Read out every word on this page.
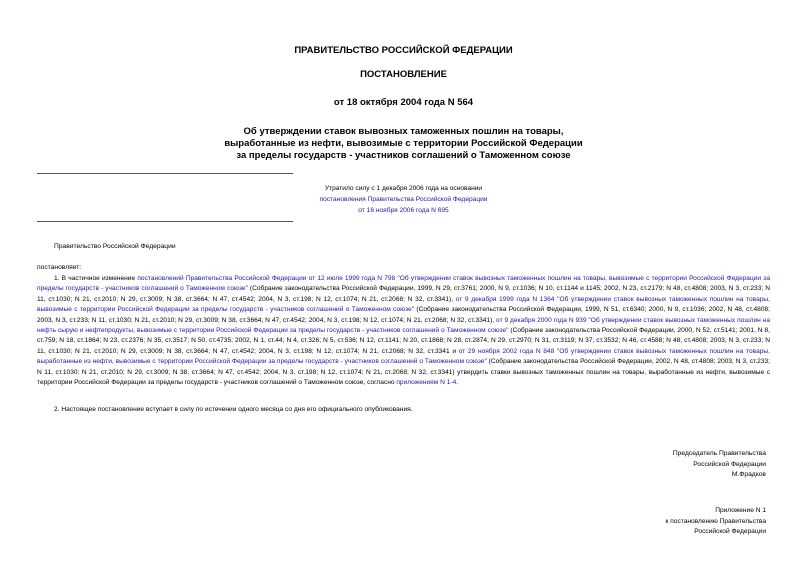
ПРАВИТЕЛЬСТВО РОССИЙСКОЙ ФЕДЕРАЦИИ
ПОСТАНОВЛЕНИЕ
от 18 октября 2004 года N 564
Об утверждении ставок вывозных таможенных пошлин на товары,
выработанные из нефти, вывозимые с территории Российской Федерации
за пределы государств - участников соглашений о Таможенном союзе
Утратило силу с 1 декабря 2006 года на основании
постановления Правительства Российской Федерации
от 16 ноября 2006 года N 695
Правительство Российской Федерации
постановляет:
1. В частичное изменение постановлений Правительства Российской Федерации от 12 июля 1999 года N 798 "Об утверждении ставок вывозных таможенных пошлин на товары, вывозимые с территории Российской Федерации за пределы государств - участников соглашений о Таможенном союзе" (Собрание законодательства Российской Федерации, 1999, N 29, ст.3761; 2000, N 9, ст.1036; N 10, ст.1144 и 1145; 2002, N 23, ст.2179; N 48, ст.4808; 2003, N 3, ст.233; N 11, ст.1030; N 21, ст.2010; N 29, ст.3009; N 38, ст.3664; N 47, ст.4542; 2004, N 3, ст.198; N 12, ст.1074; N 21, ст.2068; N 32, ст.3341), от 9 декабря 1999 года N 1364 "Об утверждении ставок вывозных таможенных пошлин на товары, вывозимые с территории Российской Федерации за пределы государств - участников соглашений о Таможенном союзе" (Собрание законодательства Российской Федерации, 1999, N 51, ст.6340; 2000, N 9, ст.1036; 2002, N 48, ст.4808; 2003, N 3, ст.233; N 11, ст.1030; N 21, ст.2010; N 29, ст.3009; N 38, ст.3664; N 47, ст.4542; 2004, N 3, ст.198; N 12, ст.1074; N 21, ст.2068; N 32, ст.3341), от 9 декабря 2000 года N 939 "Об утверждении ставок вывозных таможенных пошлин на нефть сырую и нефтепродукты, вывозимые с территории Российской Федерации за пределы государств - участников соглашений о Таможенном союзе" (Собрание законодательства Российской Федерации, 2000, N 52, ст.5141; 2001, N 8, ст.759; N 18, ст.1864; N 23, ст.2376; N 35, ст.3517; N 50, ст.4735; 2002, N 1, ст.44; N 4, ст.326; N 5, ст.536; N 12, ст.1141; N 20, ст.1868; N 28, ст.2874; N 29, ст.2970; N 31, ст.3119; N 37, ст.3532; N 46, ст.4588; N 48, ст.4808; 2003, N 3, ст.233; N 11, ст.1030; N 21, ст.2010; N 29, ст.3009; N 38, ст.3664; N 47, ст.4542; 2004, N 3, ст.198; N 12, ст.1074; N 21, ст.2068; N 32, ст.3341 и от 29 ноября 2002 года N 848 "Об утверждении ставок вывозных таможенных пошлин на товары, выработанные из нефти, вывозимые с территории Российской Федерации за пределы государств - участников соглашений о Таможенном союзе" (Собрание законодательства Российской Федерации, 2002, N 48, ст.4808; 2003, N 3, ст.233; N 11, ст.1030; N 21, ст.2010; N 29, ст.3009; N 38, ст.3664; N 47, ст.4542; 2004, N 3, ст.198; N 12, ст.1074; N 21, ст.2068; N 32, ст.3341) утвердить ставки вывозных таможенных пошлин на товары, выработанные из нефти, вывозимые с территории Российской Федерации за пределы государств - участников соглашений о Таможенном союзе, согласно приложениям N 1-4.
2. Настоящее постановление вступает в силу по истечении одного месяца со дня его официального опубликования.
Председатель Правительства
Российской Федерации
М.Фрадков
Приложение N 1
к постановлению Правительства
Российской Федерации
